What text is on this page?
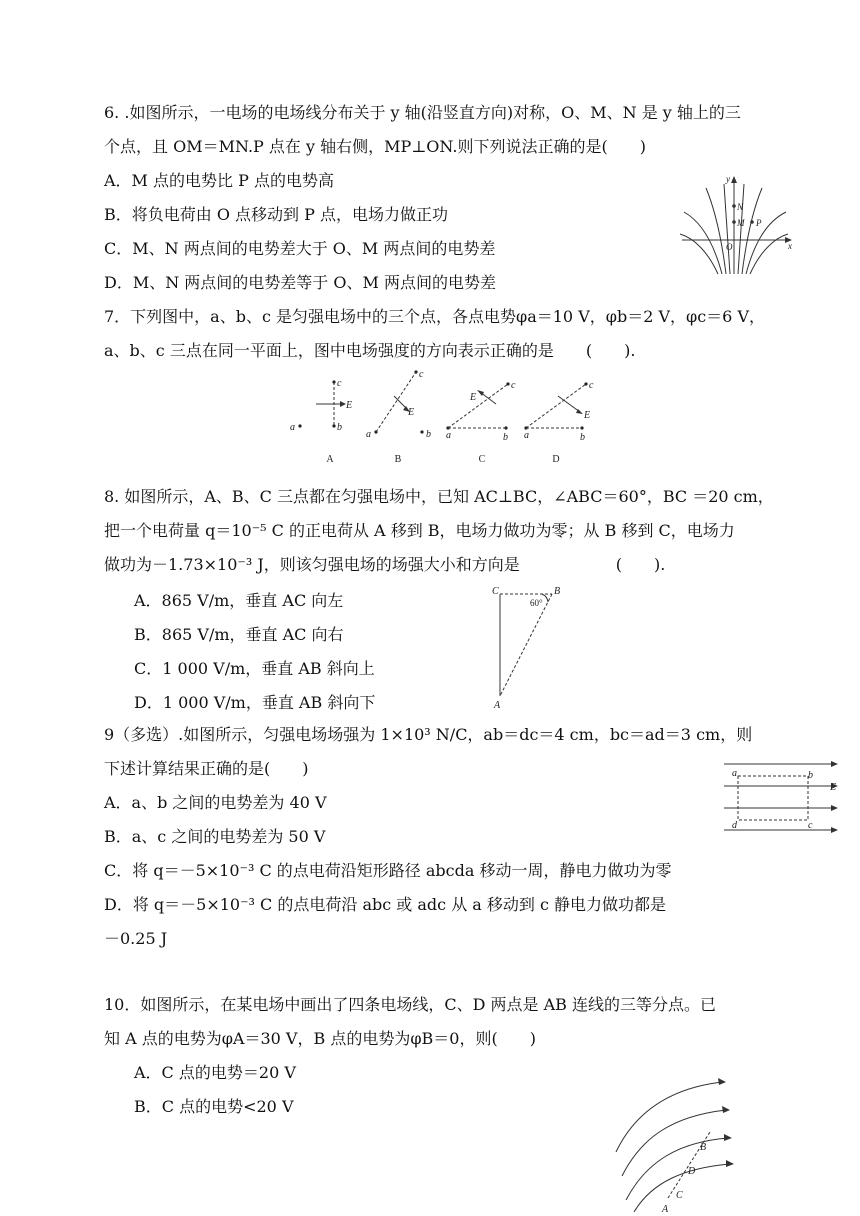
6. .如图所示，一电场的电场线分布关于 y 轴(沿竖直方向)对称，O、M、N 是 y 轴上的三
个点，且 OM＝MN.P 点在 y 轴右侧，MP⊥ON.则下列说法正确的是(　　)
A．M 点的电势比 P 点的电势高
B．将负电荷由 O 点移动到 P 点，电场力做正功
C．M、N 两点间的电势差大于 O、M 两点间的电势差
D．M、N 两点间的电势差等于 O、M 两点间的电势差
y
x
O
N
M P
7．下列图中，a、b、c 是匀强电场中的三个点，各点电势φa＝10 V，φb＝2 V，φc＝6 V，
a、b、c 三点在同一平面上，图中电场强度的方向表示正确的是　　(　　).
c
b
a
E
c
a	b
E
c
a	b
E
c
a	b
E
A	B	C	D
8. 如图所示，A、B、C 三点都在匀强电场中，已知 AC⊥BC，∠ABC＝60°，BC ＝20 cm，
把一个电荷量 q＝10⁻⁵ C 的正电荷从 A 移到 B，电场力做功为零；从 B 移到 C，电场力
做功为－1.73×10⁻³ J，则该匀强电场的场强大小和方向是　　　　　　(　　).
A．865 V/m，垂直 AC 向左
B．865 V/m，垂直 AC 向右
C．1 000 V/m，垂直 AB 斜向上
D．1 000 V/m，垂直 AB 斜向下
C	B
A
60°
9（多选）.如图所示，匀强电场场强为 1×10³ N/C，ab＝dc＝4 cm，bc＝ad＝3 cm，则
下述计算结果正确的是(　　)
A．a、b 之间的电势差为 40 V
B．a、c 之间的电势差为 50 V
C．将 q＝－5×10⁻³ C 的点电荷沿矩形路径 abcda 移动一周，静电力做功为零
D．将 q＝－5×10⁻³ C 的点电荷沿 abc 或 adc 从 a 移动到 c 静电力做功都是
－0.25 J
a	b
d	c
E
10．如图所示，在某电场中画出了四条电场线，C、D 两点是 AB 连线的三等分点。已
知 A 点的电势为φA＝30 V，B 点的电势为φB＝0，则(　　)
A．C 点的电势＝20 V
B．C 点的电势<20 V
B
D
C
A
